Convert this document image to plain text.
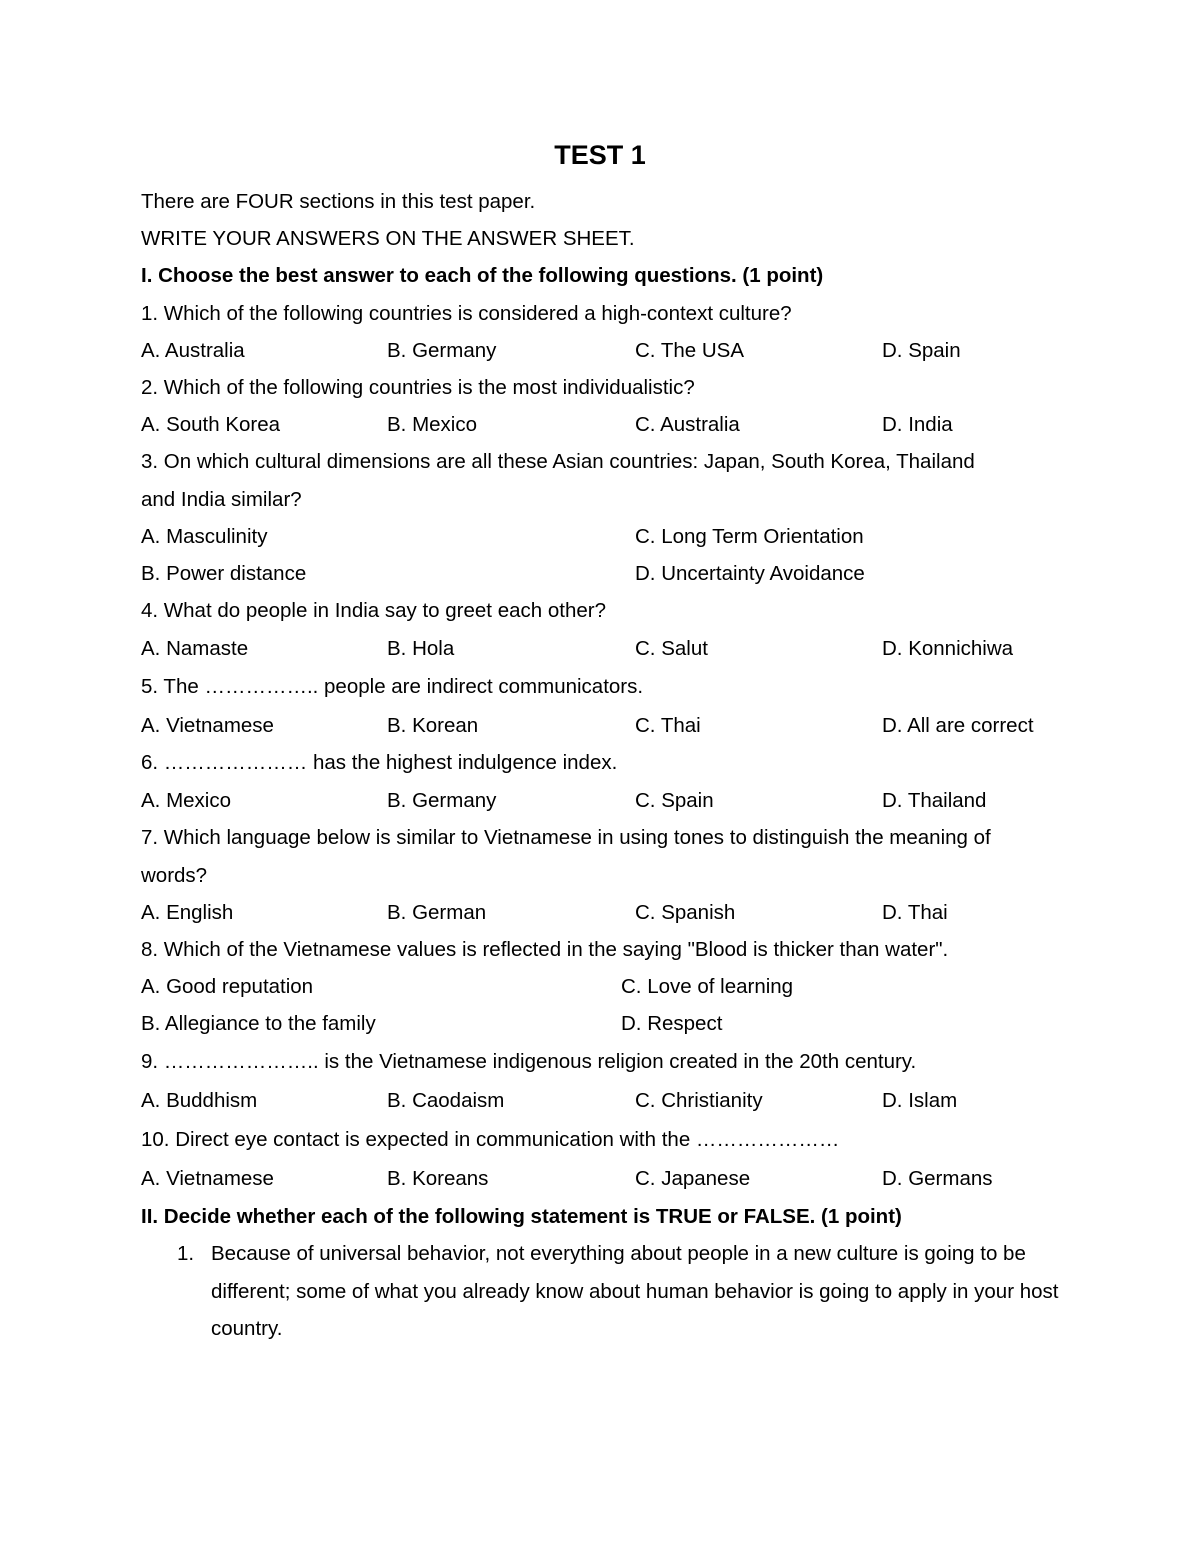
TEST 1
There are FOUR sections in this test paper.
WRITE YOUR ANSWERS ON THE ANSWER SHEET.
I. Choose the best answer to each of the following questions. (1 point)
1. Which of the following countries is considered a high-context culture?
A. Australia	B. Germany	C. The USA	D. Spain
2. Which of the following countries is the most individualistic?
A. South Korea	B. Mexico	C. Australia	D. India
3. On which cultural dimensions are all these Asian countries: Japan, South Korea, Thailand
and India similar?
A. Masculinity	C. Long Term Orientation
B. Power distance	D. Uncertainty Avoidance
4. What do people in India say to greet each other?
A. Namaste	B. Hola	C. Salut	D. Konnichiwa
5. The …………….. people are indirect communicators.
A. Vietnamese	B. Korean	C. Thai	D. All are correct
6. ………………… has the highest indulgence index.
A. Mexico	B. Germany	C. Spain	D. Thailand
7. Which language below is similar to Vietnamese in using tones to distinguish the meaning of
words?
A. English	B. German	C. Spanish	D. Thai
8. Which of the Vietnamese values is reflected in the saying "Blood is thicker than water".
A. Good reputation	C. Love of learning
B. Allegiance to the family	D. Respect
9. ………………….. is the Vietnamese indigenous religion created in the 20th century.
A. Buddhism	B. Caodaism	C. Christianity	D. Islam
10. Direct eye contact is expected in communication with the …………………
A. Vietnamese	B. Koreans	C. Japanese	D. Germans
II. Decide whether each of the following statement is TRUE or FALSE. (1 point)
1. Because of universal behavior, not everything about people in a new culture is going to be different; some of what you already know about human behavior is going to apply in your host country.
